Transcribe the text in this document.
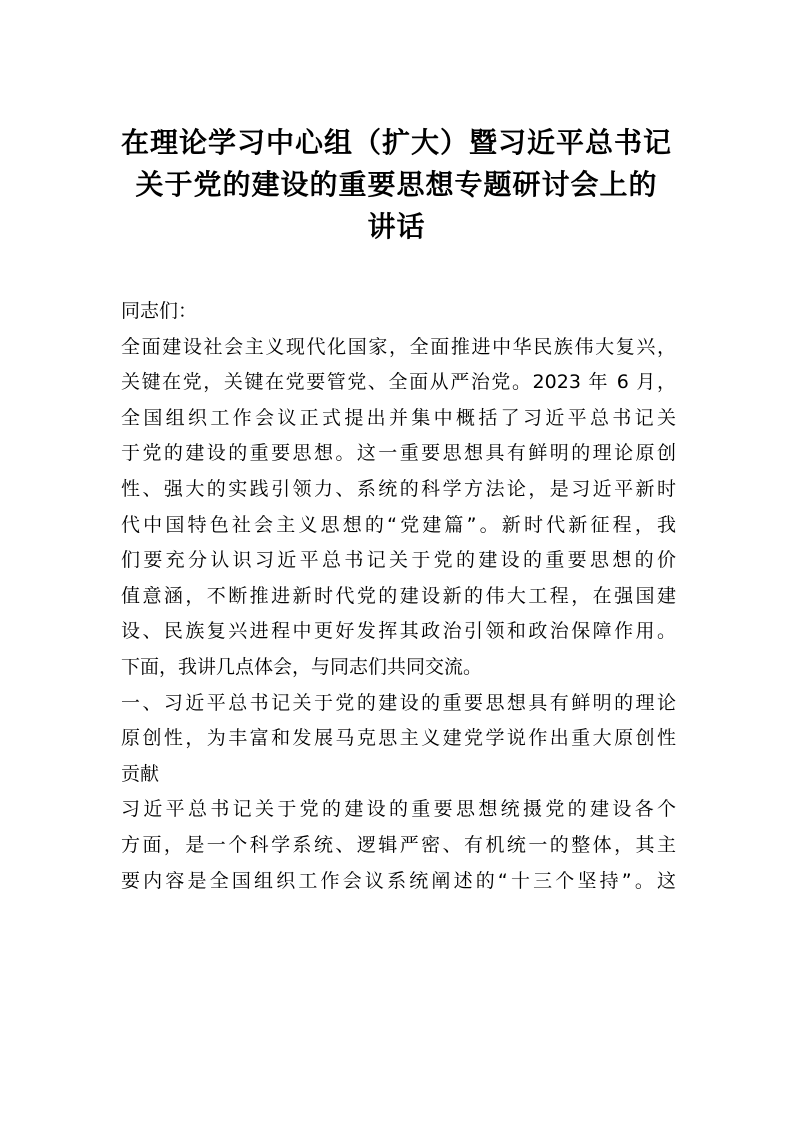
在理论学习中心组（扩大）暨习近平总书记
关于党的建设的重要思想专题研讨会上的
讲话

同志们：

全面建设社会主义现代化国家，全面推进中华民族伟大复兴，
关键在党，关键在党要管党、全面从严治党。2023 年 6 月，
全国组织工作会议正式提出并集中概括了习近平总书记关
于党的建设的重要思想。这一重要思想具有鲜明的理论原创
性、强大的实践引领力、系统的科学方法论，是习近平新时
代中国特色社会主义思想的“党建篇”。新时代新征程，我
们要充分认识习近平总书记关于党的建设的重要思想的价
值意涵，不断推进新时代党的建设新的伟大工程，在强国建
设、民族复兴进程中更好发挥其政治引领和政治保障作用。
下面，我讲几点体会，与同志们共同交流。

一、习近平总书记关于党的建设的重要思想具有鲜明的理论
原创性，为丰富和发展马克思主义建党学说作出重大原创性
贡献

习近平总书记关于党的建设的重要思想统摄党的建设各个
方面，是一个科学系统、逻辑严密、有机统一的整体，其主
要内容是全国组织工作会议系统阐述的“十三个坚持”。这
